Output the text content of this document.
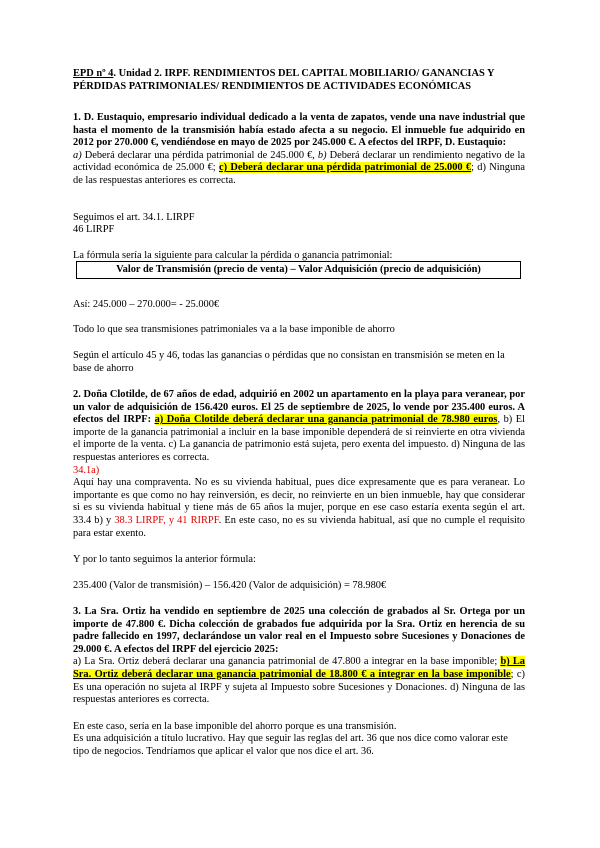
EPD nº 4. Unidad 2. IRPF. RENDIMIENTOS DEL CAPITAL MOBILIARIO/ GANANCIAS Y PÉRDIDAS PATRIMONIALES/ RENDIMIENTOS DE ACTIVIDADES ECONÓMICAS
1. D. Eustaquio, empresario individual dedicado a la venta de zapatos, vende una nave industrial que hasta el momento de la transmisión había estado afecta a su negocio. El inmueble fue adquirido en 2012 por 270.000 €, vendiéndose en mayo de 2025 por 245.000 €. A efectos del IRPF, D. Eustaquio:
a) Deberá declarar una pérdida patrimonial de 245.000 €, b) Deberá declarar un rendimiento negativo de la actividad económica de 25.000 €; c) Deberá declarar una pérdida patrimonial de 25.000 €; d) Ninguna de las respuestas anteriores es correcta.
Seguimos el art. 34.1. LIRPF
46 LIRPF
La fórmula sería la siguiente para calcular la pérdida o ganancia patrimonial:
Valor de Transmisión (precio de venta) – Valor Adquisición (precio de adquisición)
Así: 245.000 – 270.000= - 25.000€
Todo lo que sea transmisiones patrimoniales va a la base imponible de ahorro
Según el artículo 45 y 46, todas las ganancias o pérdidas que no consistan en transmisión se meten en la base de ahorro
2. Doña Clotilde, de 67 años de edad, adquirió en 2002 un apartamento en la playa para veranear, por un valor de adquisición de 156.420 euros. El 25 de septiembre de 2025, lo vende por 235.400 euros. A efectos del IRPF: a) Doña Clotilde deberá declarar una ganancia patrimonial de 78.980 euros, b) El importe de la ganancia patrimonial a incluir en la base imponible dependerá de si reinvierte en otra vivienda el importe de la venta. c) La ganancia de patrimonio está sujeta, pero exenta del impuesto. d) Ninguna de las respuestas anteriores es correcta.
34.1a)
Aquí hay una compraventa. No es su vivienda habitual, pues dice expresamente que es para veranear. Lo importante es que como no hay reinversión, es decir, no reinvierte en un bien inmueble, hay que considerar si es su vivienda habitual y tiene más de 65 años la mujer, porque en ese caso estaría exenta según el art. 33.4 b) y 38.3 LIRPF, y 41 RIRPF. En este caso, no es su vivienda habitual, así que no cumple el requisito para estar exento.
Y por lo tanto seguimos la anterior fórmula:
235.400 (Valor de transmisión) – 156.420 (Valor de adquisición) = 78.980€
3. La Sra. Ortiz ha vendido en septiembre de 2025 una colección de grabados al Sr. Ortega por un importe de 47.800 €. Dicha colección de grabados fue adquirida por la Sra. Ortiz en herencia de su padre fallecido en 1997, declarándose un valor real en el Impuesto sobre Sucesiones y Donaciones de 29.000 €. A efectos del IRPF del ejercicio 2025:
a) La Sra. Ortiz deberá declarar una ganancia patrimonial de 47.800 a integrar en la base imponible; b) La Sra. Ortiz deberá declarar una ganancia patrimonial de 18.800 € a integrar en la base imponible; c) Es una operación no sujeta al IRPF y sujeta al Impuesto sobre Sucesiones y Donaciones. d) Ninguna de las respuestas anteriores es correcta.
En este caso, sería en la base imponible del ahorro porque es una transmisión.
Es una adquisición a título lucrativo. Hay que seguir las reglas del art. 36 que nos dice como valorar este tipo de negocios. Tendríamos que aplicar el valor que nos dice el art. 36.
